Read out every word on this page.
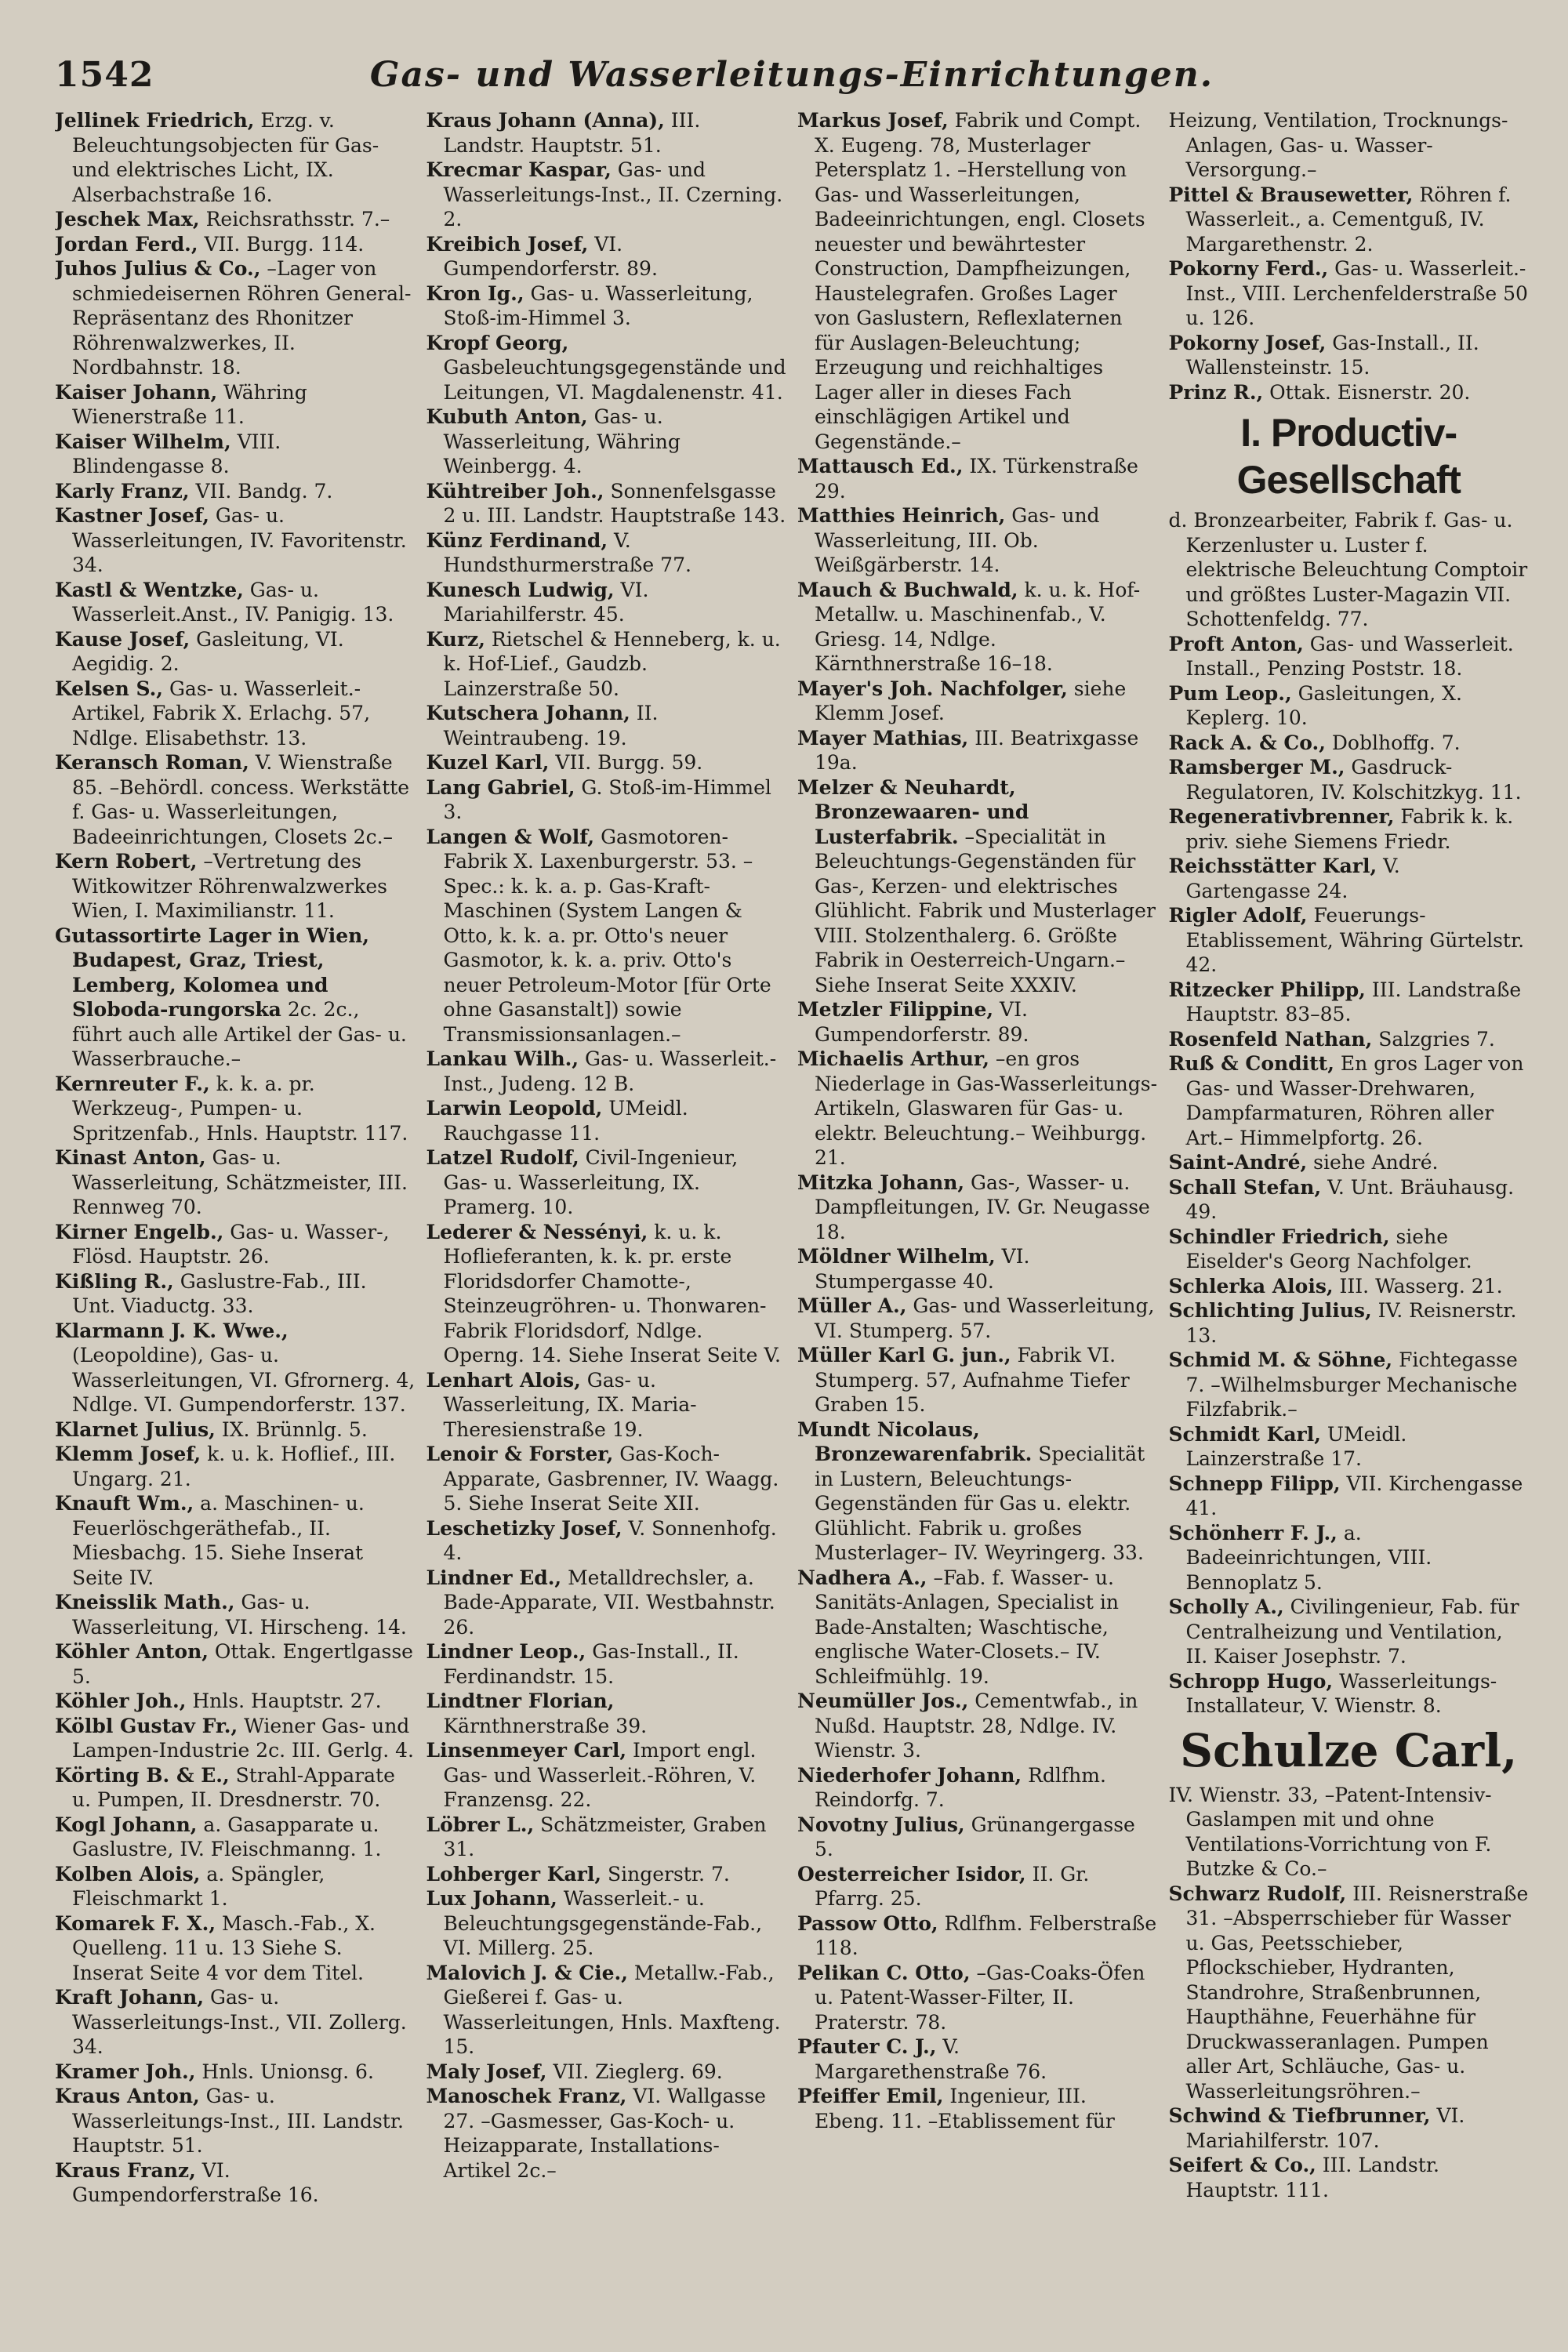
1542	Gas- und Wasserleitungs-Einrichtungen.

Jellinek Friedrich, Erzg. v. Beleuchtungsobjecten für Gas- und elektrisches Licht, IX. Alserbachstraße 16.

Jeschek Max, Reichsrathsstr. 7.–

Jordan Ferd., VII. Burgg. 114.

Juhos Julius & Co., –Lager von schmiedeisernen Röhren General-Repräsentanz des Rhonitzer Röhrenwalzwerkes, II. Nordbahnstr. 18.

Kaiser Johann, Währing Wienerstraße 11.

Kaiser Wilhelm, VIII. Blindengasse 8.

Karly Franz, VII. Bandg. 7.

Kastner Josef, Gas- u. Wasserleitungen, IV. Favoritenstr. 34.

Kastl & Wentzke, Gas- u. Wasserleit.Anst., IV. Panigig. 13.

Kause Josef, Gasleitung, VI. Aegidig. 2.

Kelsen S., Gas- u. Wasserleit.-Artikel, Fabrik X. Erlachg. 57, Ndlge. Elisabethstr. 13.

Keransch Roman, V. Wienstraße 85. –Behördl. concess. Werkstätte f. Gas- u. Wasserleitungen, Badeeinrichtungen, Closets 2c.–

Kern Robert, –Vertretung des Witkowitzer Röhrenwalzwerkes Wien, I. Maximilianstr. 11.

Gutassortirte Lager in Wien, Budapest, Graz, Triest, Lemberg, Kolomea und Sloboda-rungorska 2c. 2c., führt auch alle Artikel der Gas- u. Wasserbrauche.–

Kernreuter F., k. k. a. pr. Werkzeug-, Pumpen- u. Spritzenfab., Hnls. Hauptstr. 117.

Kinast Anton, Gas- u. Wasserleitung, Schätzmeister, III. Rennweg 70.

Kirner Engelb., Gas- u. Wasser-, Flösd. Hauptstr. 26.

Kißling R., Gaslustre-Fab., III. Unt. Viaductg. 33.

Klarmann J. K. Wwe., (Leopoldine), Gas- u. Wasserleitungen, VI. Gfrornerg. 4, Ndlge. VI. Gumpendorferstr. 137.

Klarnet Julius, IX. Brünnlg. 5.

Klemm Josef, k. u. k. Hoflief., III. Ungarg. 21.

Knauft Wm., a. Maschinen- u. Feuerlöschgeräthefab., II. Miesbachg. 15. Siehe Inserat Seite IV.

Kneisslik Math., Gas- u. Wasserleitung, VI. Hirscheng. 14.

Köhler Anton, Ottak. Engertlgasse 5.

Köhler Joh., Hnls. Hauptstr. 27.

Kölbl Gustav Fr., Wiener Gas- und Lampen-Industrie 2c. III. Gerlg. 4.

Körting B. & E., Strahl-Apparate u. Pumpen, II. Dresdnerstr. 70.

Kogl Johann, a. Gasapparate u. Gaslustre, IV. Fleischmanng. 1.

Kolben Alois, a. Spängler, Fleischmarkt 1.

Komarek F. X., Masch.-Fab., X. Quelleng. 11 u. 13 Siehe S. Inserat Seite 4 vor dem Titel.

Kraft Johann, Gas- u. Wasserleitungs-Inst., VII. Zollerg. 34.

Kramer Joh., Hnls. Unionsg. 6.

Kraus Anton, Gas- u. Wasserleitungs-Inst., III. Landstr. Hauptstr. 51.

Kraus Franz, VI. Gumpendorferstraße 16.

Kraus Johann (Anna), III. Landstr. Hauptstr. 51.

Krecmar Kaspar, Gas- und Wasserleitungs-Inst., II. Czerning. 2.

Kreibich Josef, VI. Gumpendorferstr. 89.

Kron Ig., Gas- u. Wasserleitung, Stoß-im-Himmel 3.

Kropf Georg, Gasbeleuchtungsgegenstände und Leitungen, VI. Magdalenenstr. 41.

Kubuth Anton, Gas- u. Wasserleitung, Währing Weinbergg. 4.

Kühtreiber Joh., Sonnenfelsgasse 2 u. III. Landstr. Hauptstraße 143.

Künz Ferdinand, V. Hundsthurmerstraße 77.

Kunesch Ludwig, VI. Mariahilferstr. 45.

Kurz, Rietschel & Henneberg, k. u. k. Hof-Lief., Gaudzb. Lainzerstraße 50.

Kutschera Johann, II. Weintraubeng. 19.

Kuzel Karl, VII. Burgg. 59.

Lang Gabriel, G. Stoß-im-Himmel 3.

Langen & Wolf, Gasmotoren-Fabrik X. Laxenburgerstr. 53. –Spec.: k. k. a. p. Gas-Kraft-Maschinen (System Langen & Otto, k. k. a. pr. Otto's neuer Gasmotor, k. k. a. priv. Otto's neuer Petroleum-Motor [für Orte ohne Gasanstalt]) sowie Transmissionsanlagen.–

Lankau Wilh., Gas- u. Wasserleit.-Inst., Judeng. 12 B.

Larwin Leopold, UMeidl. Rauchgasse 11.

Latzel Rudolf, Civil-Ingenieur, Gas- u. Wasserleitung, IX. Pramerg. 10.

Lederer & Nessényi, k. u. k. Hoflieferanten, k. k. pr. erste Floridsdorfer Chamotte-, Steinzeugröhren- u. Thonwaren-Fabrik Floridsdorf, Ndlge. Operng. 14. Siehe Inserat Seite V.

Lenhart Alois, Gas- u. Wasserleitung, IX. Maria-Theresienstraße 19.

Lenoir & Forster, Gas-Koch-Apparate, Gasbrenner, IV. Waagg. 5. Siehe Inserat Seite XII.

Leschetizky Josef, V. Sonnenhofg. 4.

Lindner Ed., Metalldrechsler, a. Bade-Apparate, VII. Westbahnstr. 26.

Lindner Leop., Gas-Install., II. Ferdinandstr. 15.

Lindtner Florian, Kärnthnerstraße 39.

Linsenmeyer Carl, Import engl. Gas- und Wasserleit.-Röhren, V. Franzensg. 22.

Löbrer L., Schätzmeister, Graben 31.

Lohberger Karl, Singerstr. 7.

Lux Johann, Wasserleit.- u. Beleuchtungsgegenstände-Fab., VI. Millerg. 25.

Malovich J. & Cie., Metallw.-Fab., Gießerei f. Gas- u. Wasserleitungen, Hnls. Maxfteng. 15.

Maly Josef, VII. Zieglerg. 69.

Manoschek Franz, VI. Wallgasse 27. –Gasmesser, Gas-Koch- u. Heizapparate, Installations-Artikel 2c.–

Markus Josef, Fabrik und Compt. X. Eugeng. 78, Musterlager Petersplatz 1. –Herstellung von Gas- und Wasserleitungen, Badeeinrichtungen, engl. Closets neuester und bewährtester Construction, Dampfheizungen, Haustelegrafen. Großes Lager von Gaslustern, Reflexlaternen für Auslagen-Beleuchtung; Erzeugung und reichhaltiges Lager aller in dieses Fach einschlägigen Artikel und Gegenstände.–

Mattausch Ed., IX. Türkenstraße 29.

Matthies Heinrich, Gas- und Wasserleitung, III. Ob. Weißgärberstr. 14.

Mauch & Buchwald, k. u. k. Hof-Metallw. u. Maschinenfab., V. Griesg. 14, Ndlge. Kärnthnerstraße 16–18.

Mayer's Joh. Nachfolger, siehe Klemm Josef.

Mayer Mathias, III. Beatrixgasse 19a.

Melzer & Neuhardt, Bronzewaaren- und Lusterfabrik. –Specialität in Beleuchtungs-Gegenständen für Gas-, Kerzen- und elektrisches Glühlicht. Fabrik und Musterlager VIII. Stolzenthalerg. 6. Größte Fabrik in Oesterreich-Ungarn.– Siehe Inserat Seite XXXIV.

Metzler Filippine, VI. Gumpendorferstr. 89.

Michaelis Arthur, –en gros Niederlage in Gas-Wasserleitungs-Artikeln, Glaswaren für Gas- u. elektr. Beleuchtung.– Weihburgg. 21.

Mitzka Johann, Gas-, Wasser- u. Dampfleitungen, IV. Gr. Neugasse 18.

Möldner Wilhelm, VI. Stumpergasse 40.

Müller A., Gas- und Wasserleitung, VI. Stumperg. 57.

Müller Karl G. jun., Fabrik VI. Stumperg. 57, Aufnahme Tiefer Graben 15.

Mundt Nicolaus, Bronzewarenfabrik. Specialität in Lustern, Beleuchtungs-Gegenständen für Gas u. elektr. Glühlicht. Fabrik u. großes Musterlager– IV. Weyringerg. 33.

Nadhera A., –Fab. f. Wasser- u. Sanitäts-Anlagen, Specialist in Bade-Anstalten; Waschtische, englische Water-Closets.– IV. Schleifmühlg. 19.

Neumüller Jos., Cementwfab., in Nußd. Hauptstr. 28, Ndlge. IV. Wienstr. 3.

Niederhofer Johann, Rdlfhm. Reindorfg. 7.

Novotny Julius, Grünangergasse 5.

Oesterreicher Isidor, II. Gr. Pfarrg. 25.

Passow Otto, Rdlfhm. Felberstraße 118.

Pelikan C. Otto, –Gas-Coaks-Öfen u. Patent-Wasser-Filter, II. Praterstr. 78.

Pfauter C. J., V. Margarethenstraße 76.

Pfeiffer Emil, Ingenieur, III. Ebeng. 11. –Etablissement für

Heizung, Ventilation, Trocknungs-Anlagen, Gas- u. Wasser-Versorgung.–

Pittel & Brausewetter, Röhren f. Wasserleit., a. Cementguß, IV. Margarethenstr. 2.

Pokorny Ferd., Gas- u. Wasserleit.-Inst., VIII. Lerchenfelderstraße 50 u. 126.

Pokorny Josef, Gas-Install., II. Wallensteinstr. 15.

Prinz R., Ottak. Eisnerstr. 20.

I. Productiv-Gesellschaft

d. Bronzearbeiter, Fabrik f. Gas- u. Kerzenluster u. Luster f. elektrische Beleuchtung Comptoir und größtes Luster-Magazin VII. Schottenfeldg. 77.

Proft Anton, Gas- und Wasserleit. Install., Penzing Poststr. 18.

Pum Leop., Gasleitungen, X. Keplerg. 10.

Rack A. & Co., Doblhoffg. 7.

Ramsberger M., Gasdruck-Regulatoren, IV. Kolschitzkyg. 11.

Regenerativbrenner, Fabrik k. k. priv. siehe Siemens Friedr.

Reichsstätter Karl, V. Gartengasse 24.

Rigler Adolf, Feuerungs-Etablissement, Währing Gürtelstr. 42.

Ritzecker Philipp, III. Landstraße Hauptstr. 83–85.

Rosenfeld Nathan, Salzgries 7.

Ruß & Conditt, En gros Lager von Gas- und Wasser-Drehwaren, Dampfarmaturen, Röhren aller Art.– Himmelpfortg. 26.

Saint-André, siehe André.

Schall Stefan, V. Unt. Bräuhausg. 49.

Schindler Friedrich, siehe Eiselder's Georg Nachfolger.

Schlerka Alois, III. Wasserg. 21.

Schlichting Julius, IV. Reisnerstr. 13.

Schmid M. & Söhne, Fichtegasse 7. –Wilhelmsburger Mechanische Filzfabrik.–

Schmidt Karl, UMeidl. Lainzerstraße 17.

Schnepp Filipp, VII. Kirchengasse 41.

Schönherr F. J., a. Badeeinrichtungen, VIII. Bennoplatz 5.

Scholly A., Civilingenieur, Fab. für Centralheizung und Ventilation, II. Kaiser Josephstr. 7.

Schropp Hugo, Wasserleitungs-Installateur, V. Wienstr. 8.

Schulze Carl,

IV. Wienstr. 33, –Patent-Intensiv-Gaslampen mit und ohne Ventilations-Vorrichtung von F. Butzke & Co.–

Schwarz Rudolf, III. Reisnerstraße 31. –Absperrschieber für Wasser u. Gas, Peetsschieber, Pflockschieber, Hydranten, Standrohre, Straßenbrunnen, Haupthähne, Feuerhähne für Druckwasseranlagen. Pumpen aller Art, Schläuche, Gas- u. Wasserleitungsröhren.–

Schwind & Tiefbrunner, VI. Mariahilferstr. 107.

Seifert & Co., III. Landstr. Hauptstr. 111.
